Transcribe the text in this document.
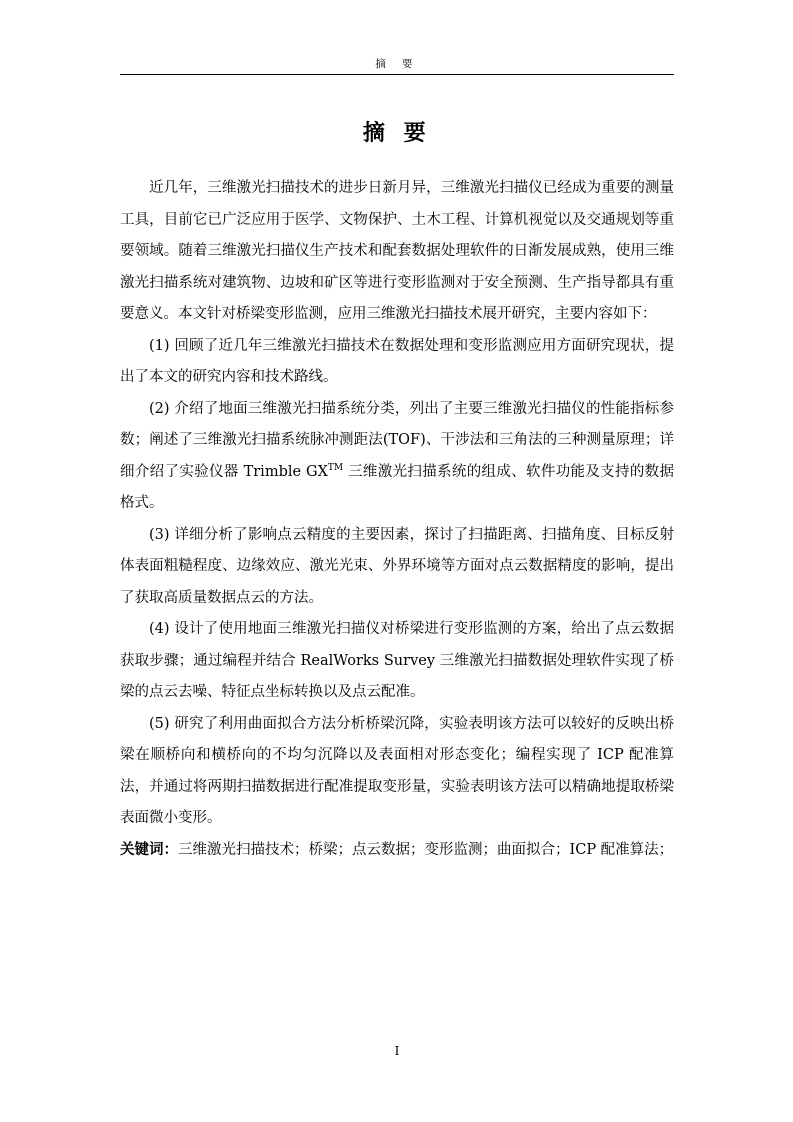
摘 要
摘 要

近几年，三维激光扫描技术的进步日新月异，三维激光扫描仪已经成为重要的测量工具，目前它已广泛应用于医学、文物保护、土木工程、计算机视觉以及交通规划等重要领域。随着三维激光扫描仪生产技术和配套数据处理软件的日渐发展成熟，使用三维激光扫描系统对建筑物、边坡和矿区等进行变形监测对于安全预测、生产指导都具有重要意义。本文针对桥梁变形监测，应用三维激光扫描技术展开研究，主要内容如下：

(1) 回顾了近几年三维激光扫描技术在数据处理和变形监测应用方面研究现状，提出了本文的研究内容和技术路线。

(2) 介绍了地面三维激光扫描系统分类，列出了主要三维激光扫描仪的性能指标参数；阐述了三维激光扫描系统脉冲测距法(TOF)、干涉法和三角法的三种测量原理；详细介绍了实验仪器 Trimble GX™ 三维激光扫描系统的组成、软件功能及支持的数据格式。

(3) 详细分析了影响点云精度的主要因素，探讨了扫描距离、扫描角度、目标反射体表面粗糙程度、边缘效应、激光光束、外界环境等方面对点云数据精度的影响，提出了获取高质量数据点云的方法。

(4) 设计了使用地面三维激光扫描仪对桥梁进行变形监测的方案，给出了点云数据获取步骤；通过编程并结合 RealWorks Survey 三维激光扫描数据处理软件实现了桥梁的点云去噪、特征点坐标转换以及点云配准。

(5) 研究了利用曲面拟合方法分析桥梁沉降，实验表明该方法可以较好的反映出桥梁在顺桥向和横桥向的不均匀沉降以及表面相对形态变化；编程实现了 ICP 配准算法，并通过将两期扫描数据进行配准提取变形量，实验表明该方法可以精确地提取桥梁表面微小变形。

关键词：三维激光扫描技术；桥梁；点云数据；变形监测；曲面拟合；ICP 配准算法；

I
